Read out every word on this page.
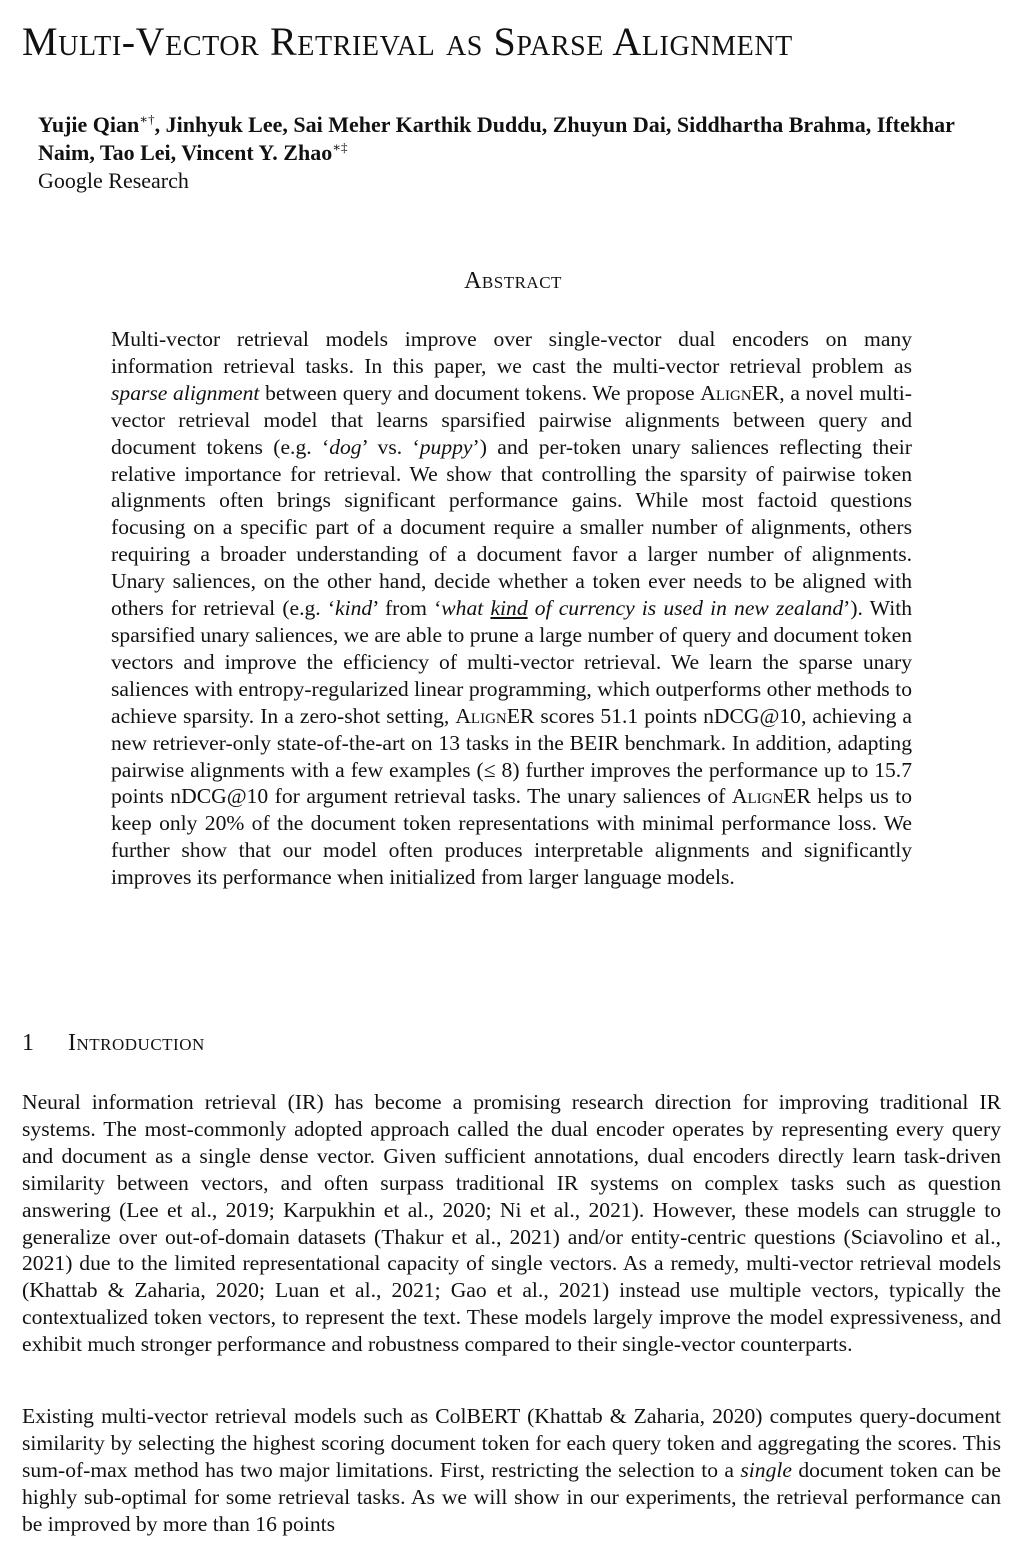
Multi-Vector Retrieval as Sparse Alignment
Yujie Qian∗†, Jinhyuk Lee, Sai Meher Karthik Duddu, Zhuyun Dai, Siddhartha Brahma, Iftekhar Naim, Tao Lei, Vincent Y. Zhao∗‡
Google Research
Abstract

Multi-vector retrieval models improve over single-vector dual encoders on many information retrieval tasks. In this paper, we cast the multi-vector retrieval problem as sparse alignment between query and document tokens. We propose AlignER, a novel multi-vector retrieval model that learns sparsified pairwise alignments between query and document tokens (e.g. ‘dog’ vs. ‘puppy’) and per-token unary saliences reflecting their relative importance for retrieval. We show that controlling the sparsity of pairwise token alignments often brings significant performance gains. While most factoid questions focusing on a specific part of a document require a smaller number of alignments, others requiring a broader understanding of a document favor a larger number of alignments. Unary saliences, on the other hand, decide whether a token ever needs to be aligned with others for retrieval (e.g. ‘kind’ from ‘what kind of currency is used in new zealand’). With sparsified unary saliences, we are able to prune a large number of query and document token vectors and improve the efficiency of multi-vector retrieval. We learn the sparse unary saliences with entropy-regularized linear programming, which outperforms other methods to achieve sparsity. In a zero-shot setting, AlignER scores 51.1 points nDCG@10, achieving a new retriever-only state-of-the-art on 13 tasks in the BEIR benchmark. In addition, adapting pairwise alignments with a few examples (≤ 8) further improves the performance up to 15.7 points nDCG@10 for argument retrieval tasks. The unary saliences of AlignER helps us to keep only 20% of the document token representations with minimal performance loss. We further show that our model often produces interpretable alignments and significantly improves its performance when initialized from larger language models.

1 Introduction

Neural information retrieval (IR) has become a promising research direction for improving traditional IR systems. The most-commonly adopted approach called the dual encoder operates by representing every query and document as a single dense vector. Given sufficient annotations, dual encoders directly learn task-driven similarity between vectors, and often surpass traditional IR systems on complex tasks such as question answering (Lee et al., 2019; Karpukhin et al., 2020; Ni et al., 2021). However, these models can struggle to generalize over out-of-domain datasets (Thakur et al., 2021) and/or entity-centric questions (Sciavolino et al., 2021) due to the limited representational capacity of single vectors. As a remedy, multi-vector retrieval models (Khattab & Zaharia, 2020; Luan et al., 2021; Gao et al., 2021) instead use multiple vectors, typically the contextualized token vectors, to represent the text. These models largely improve the model expressiveness, and exhibit much stronger performance and robustness compared to their single-vector counterparts.

Existing multi-vector retrieval models such as ColBERT (Khattab & Zaharia, 2020) computes query-document similarity by selecting the highest scoring document token for each query token and aggregating the scores. This sum-of-max method has two major limitations. First, restricting the selection to a single document token can be highly sub-optimal for some retrieval tasks. As we will show in our experiments, the retrieval performance can be improved by more than 16 points
